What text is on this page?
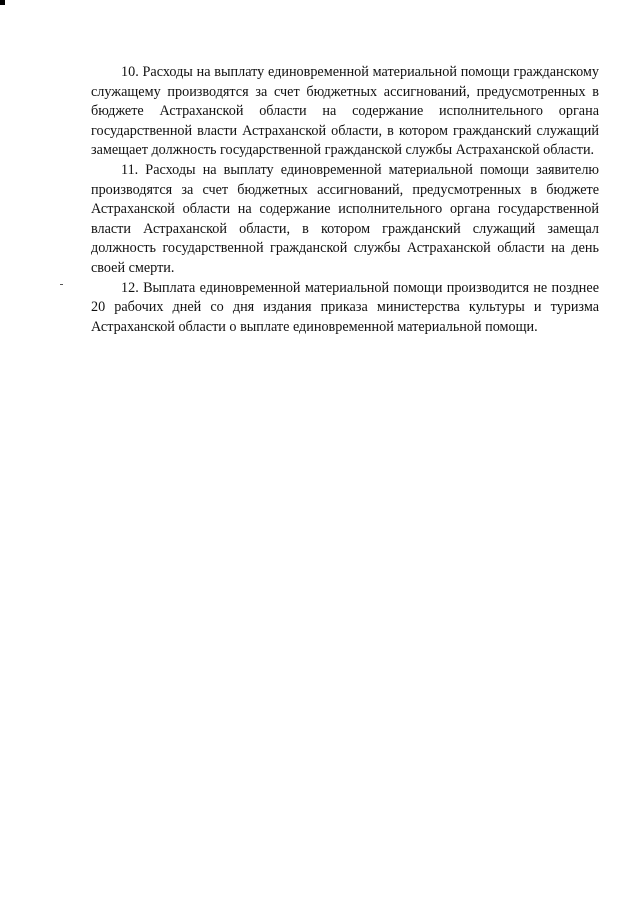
10. Расходы на выплату единовременной материальной помощи гражданскому служащему производятся за счет бюджетных ассигнований, предусмотренных в бюджете Астраханской области на содержание исполнительного органа государственной власти Астраханской области, в котором гражданский служащий замещает должность государственной гражданской службы Астраханской области.

11. Расходы на выплату единовременной материальной помощи заявителю производятся за счет бюджетных ассигнований, предусмотренных в бюджете Астраханской области на содержание исполнительного органа государственной власти Астраханской области, в котором гражданский служащий замещал должность государственной гражданской службы Астраханской области на день своей смерти.

12. Выплата единовременной материальной помощи производится не позднее 20 рабочих дней со дня издания приказа министерства культуры и туризма Астраханской области о выплате единовременной материальной помощи.
